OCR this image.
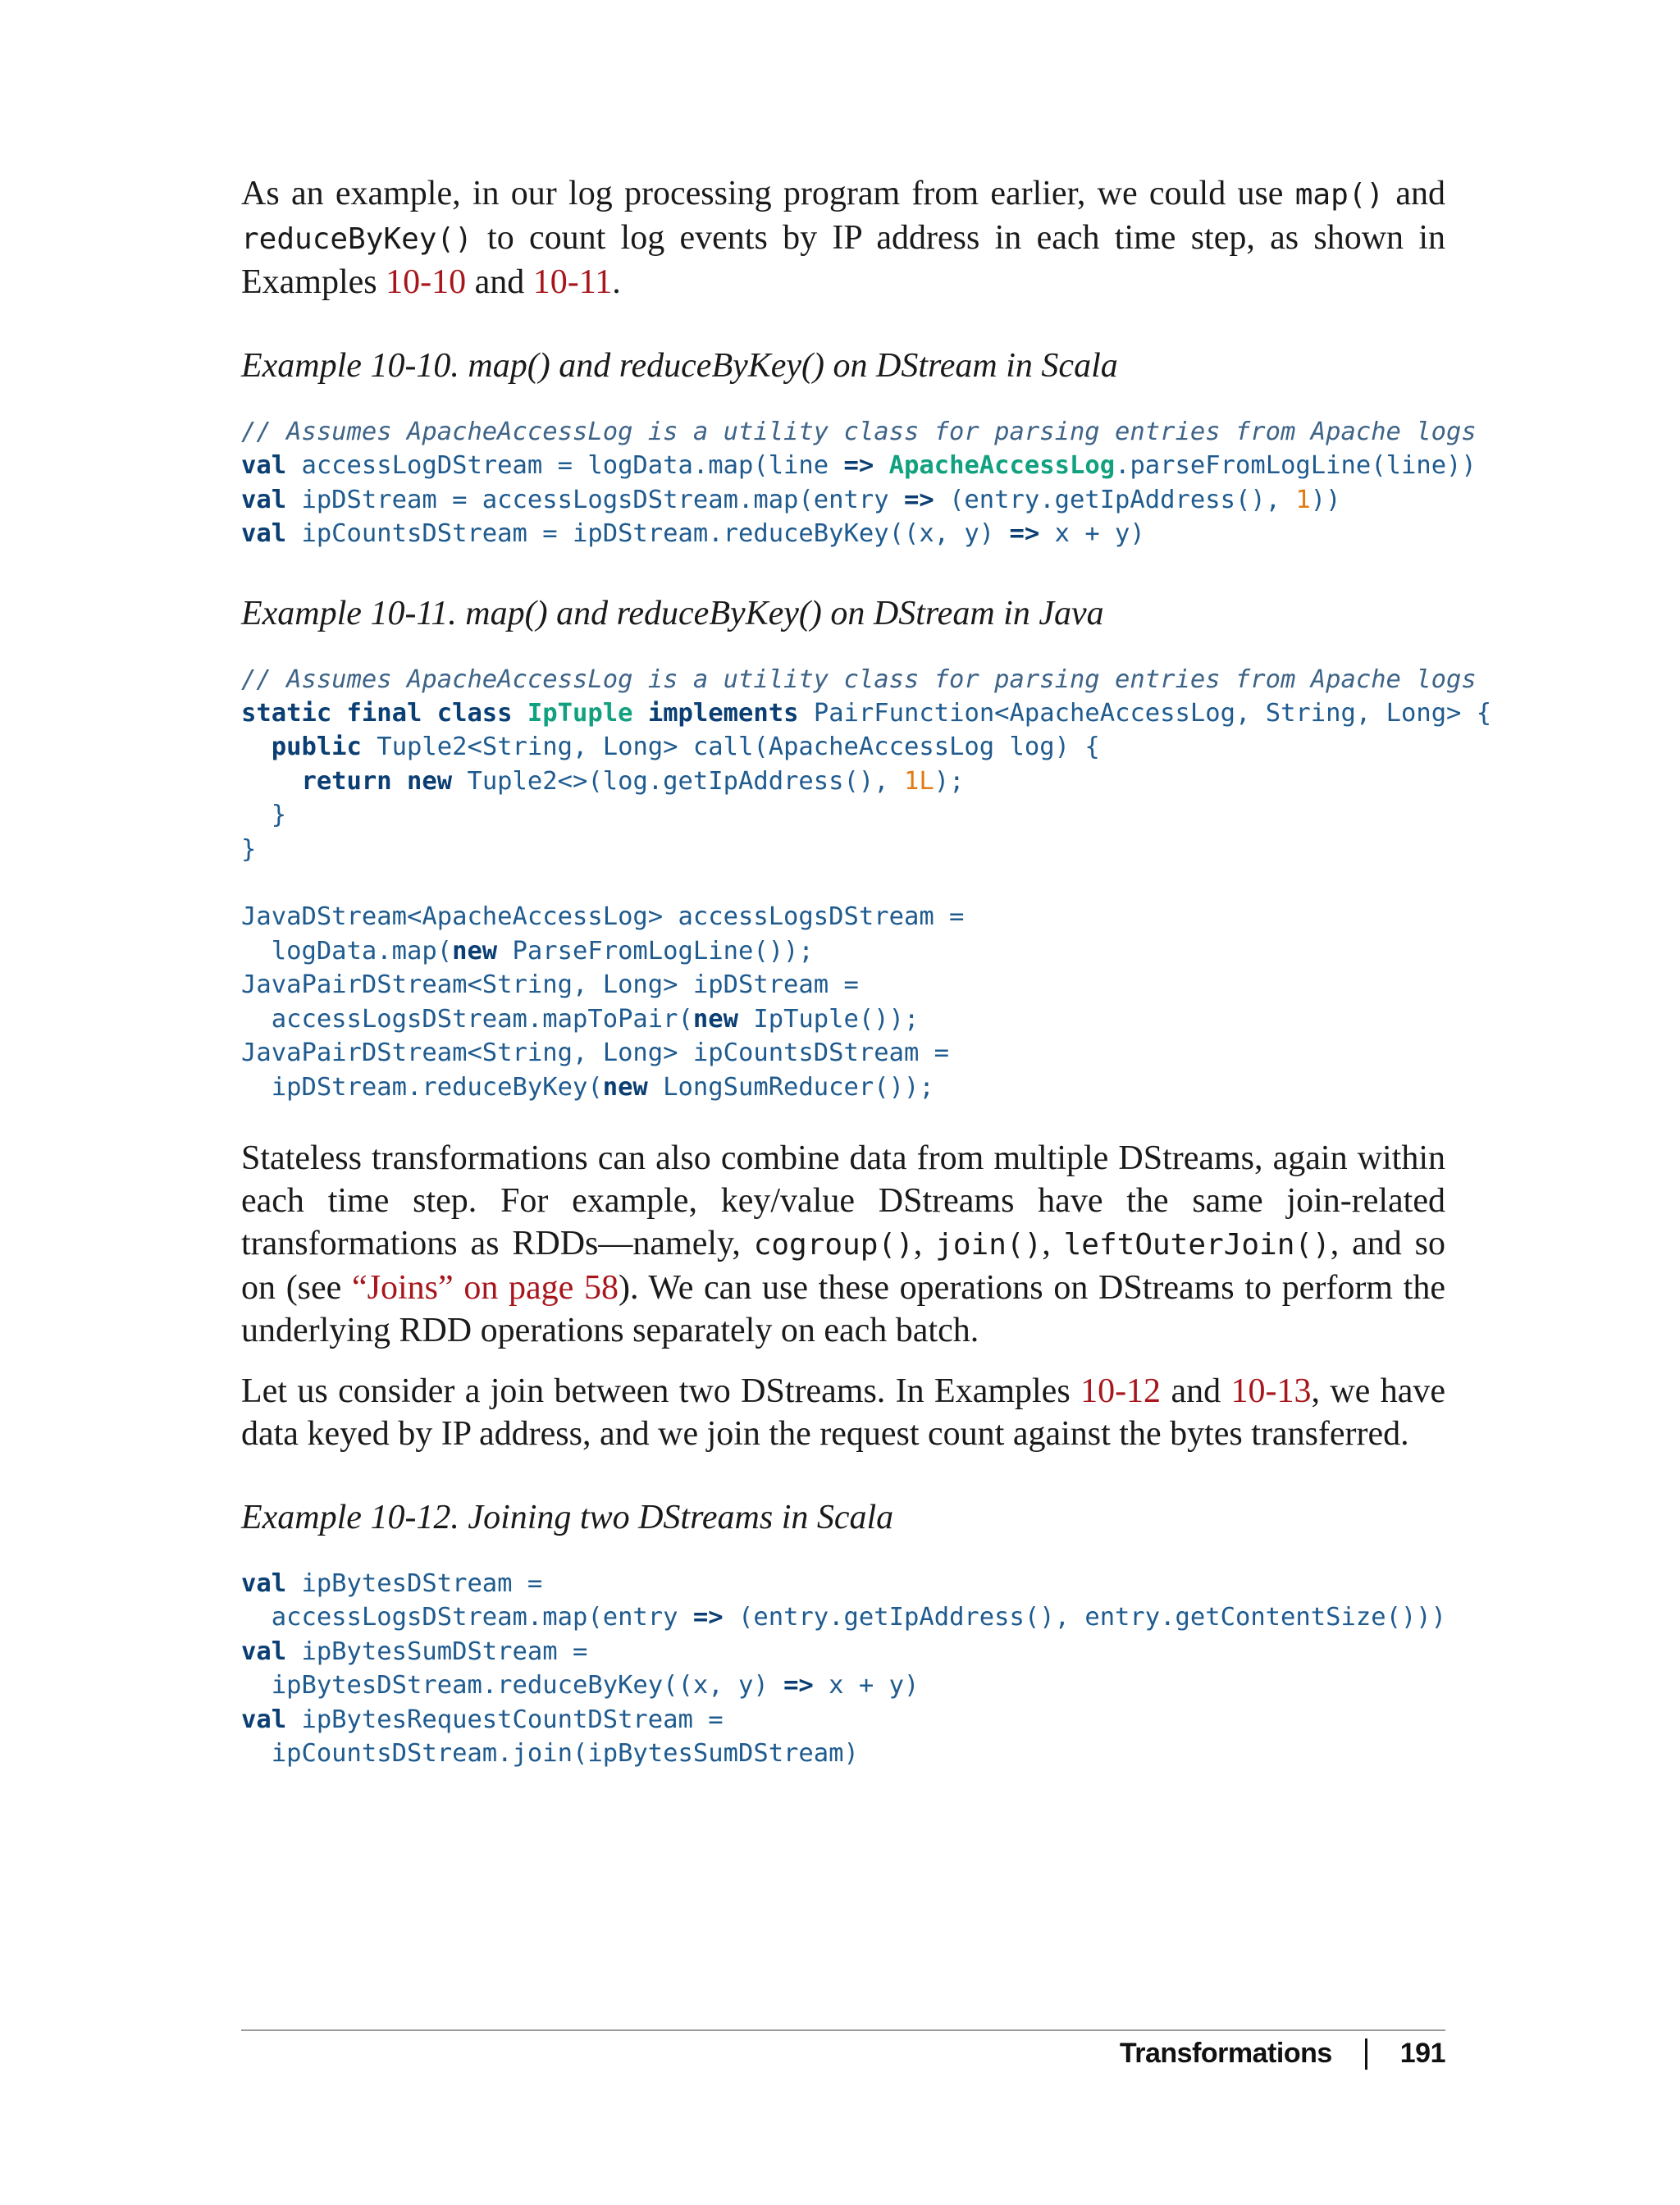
As an example, in our log processing program from earlier, we could use map() and reduceByKey() to count log events by IP address in each time step, as shown in Examples 10-10 and 10-11.

Example 10-10. map() and reduceByKey() on DStream in Scala

// Assumes ApacheAccessLog is a utility class for parsing entries from Apache logs
val accessLogDStream = logData.map(line => ApacheAccessLog.parseFromLogLine(line))
val ipDStream = accessLogsDStream.map(entry => (entry.getIpAddress(), 1))
val ipCountsDStream = ipDStream.reduceByKey((x, y) => x + y)

Example 10-11. map() and reduceByKey() on DStream in Java

// Assumes ApacheAccessLog is a utility class for parsing entries from Apache logs
static final class IpTuple implements PairFunction<ApacheAccessLog, String, Long> {
public Tuple2<String, Long> call(ApacheAccessLog log) {
return new Tuple2<>(log.getIpAddress(), 1L);
}
}

JavaDStream<ApacheAccessLog> accessLogsDStream =
logData.map(new ParseFromLogLine());
JavaPairDStream<String, Long> ipDStream =
accessLogsDStream.mapToPair(new IpTuple());
JavaPairDStream<String, Long> ipCountsDStream =
ipDStream.reduceByKey(new LongSumReducer());

Stateless transformations can also combine data from multiple DStreams, again within each time step. For example, key/value DStreams have the same join-related transformations as RDDs—namely, cogroup(), join(), leftOuterJoin(), and so on (see “Joins” on page 58). We can use these operations on DStreams to perform the underlying RDD operations separately on each batch.

Let us consider a join between two DStreams. In Examples 10-12 and 10-13, we have data keyed by IP address, and we join the request count against the bytes transferred.

Example 10-12. Joining two DStreams in Scala

val ipBytesDStream =
accessLogsDStream.map(entry => (entry.getIpAddress(), entry.getContentSize()))
val ipBytesSumDStream =
ipBytesDStream.reduceByKey((x, y) => x + y)
val ipBytesRequestCountDStream =
ipCountsDStream.join(ipBytesSumDStream)
Transformations 191
